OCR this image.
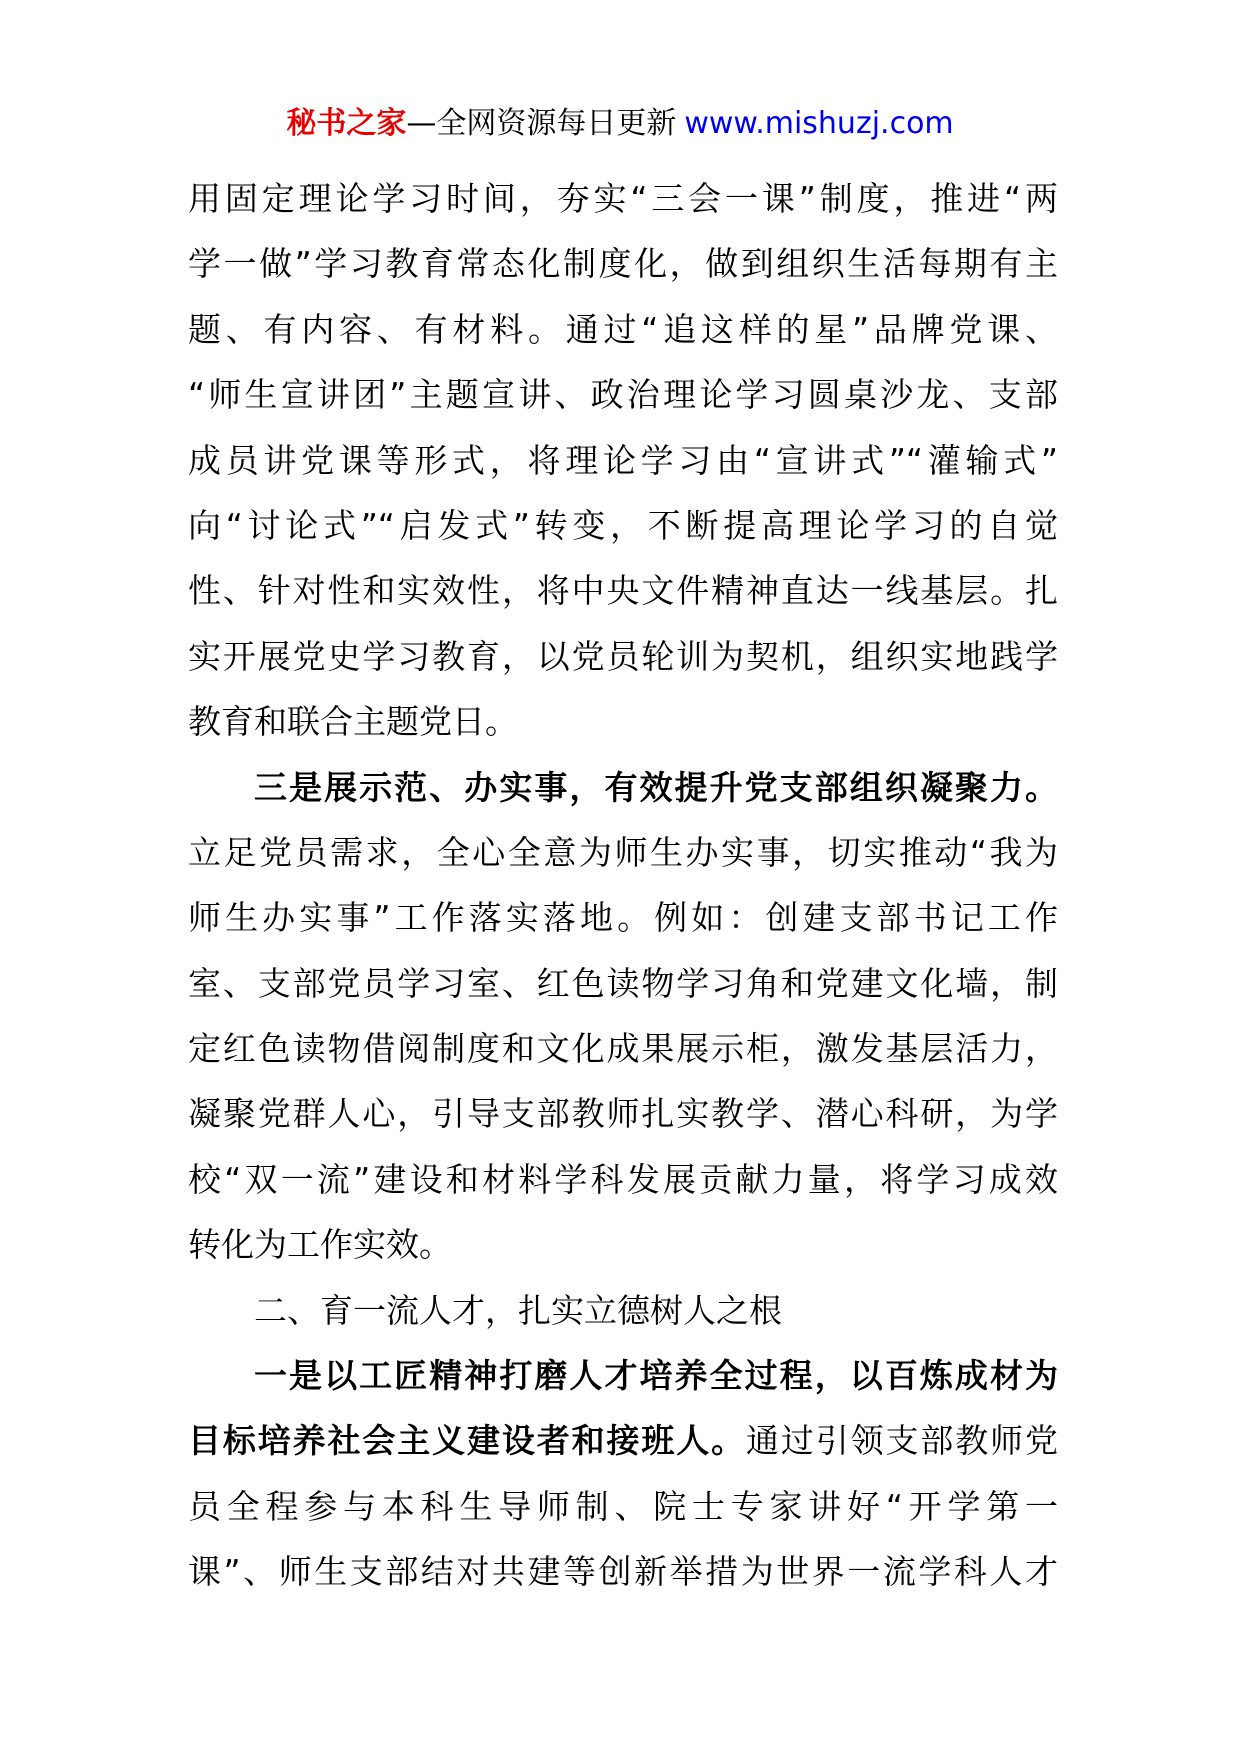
秘书之家—全网资源每日更新 www.mishuzj.com
用固定理论学习时间，夯实“三会一课”制度，推进“两
学一做”学习教育常态化制度化，做到组织生活每期有主
题、有内容、有材料。通过“追这样的星”品牌党课、
“师生宣讲团”主题宣讲、政治理论学习圆桌沙龙、支部
成员讲党课等形式，将理论学习由“宣讲式”“灌输式”
向“讨论式”“启发式”转变，不断提高理论学习的自觉
性、针对性和实效性，将中央文件精神直达一线基层。扎
实开展党史学习教育，以党员轮训为契机，组织实地践学
教育和联合主题党日。
三是展示范、办实事，有效提升党支部组织凝聚力。
立足党员需求，全心全意为师生办实事，切实推动“我为
师生办实事”工作落实落地。例如：创建支部书记工作
室、支部党员学习室、红色读物学习角和党建文化墙，制
定红色读物借阅制度和文化成果展示柜，激发基层活力，
凝聚党群人心，引导支部教师扎实教学、潜心科研，为学
校“双一流”建设和材料学科发展贡献力量，将学习成效
转化为工作实效。
二、育一流人才，扎实立德树人之根
一是以工匠精神打磨人才培养全过程，以百炼成材为
目标培养社会主义建设者和接班人。通过引领支部教师党
员全程参与本科生导师制、院士专家讲好“开学第一
课”、师生支部结对共建等创新举措为世界一流学科人才
